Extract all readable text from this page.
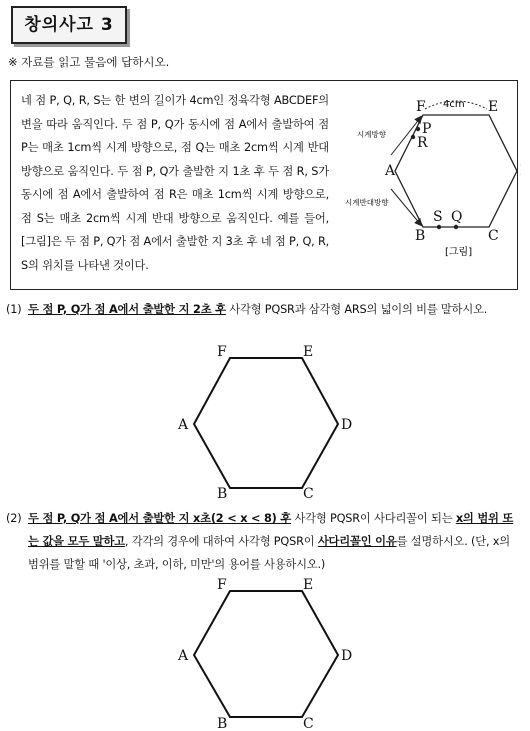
창의사고 3
※ 자료를 읽고 물음에 답하시오.
네 점 P, Q, R, S는 한 변의 길이가 4cm인 정육각형 ABCDEF의 변을 따라 움직인다. 두 점 P, Q가 동시에 점 A에서 출발하여 점 P는 매초 1cm씩 시계 방향으로, 점 Q는 매초 2cm씩 시계 반대 방향으로 움직인다. 두 점 P, Q가 출발한 지 1초 후 두 점 R, S가 동시에 점 A에서 출발하여 점 R은 매초 1cm씩 시계 방향으로, 점 S는 매초 2cm씩 시계 반대 방향으로 움직인다. 예를 들어, [그림]은 두 점 P, Q가 점 A에서 출발한 지 3초 후 네 점 P, Q, R, S의 위치를 나타낸 것이다.
4cm
시계방향
시계반대방향
F	E
C
B
A
P
R
S Q
[그림]
(1) 두 점 P, Q가 점 A에서 출발한 지 2초 후 사각형 PQSR과 삼각형 ARS의 넓이의 비를 말하시오.
F	E
D
C
B
A
(2) 두 점 P, Q가 점 A에서 출발한 지 x초(2 < x < 8) 후 사각형 PQSR이 사다리꼴이 되는 x의 범위 또는 값을 모두 말하고, 각각의 경우에 대하여 사각형 PQSR이 사다리꼴인 이유를 설명하시오. (단, x의 범위를 말할 때 '이상, 초과, 이하, 미만'의 용어를 사용하시오.)
F	E
D
C
B
A
